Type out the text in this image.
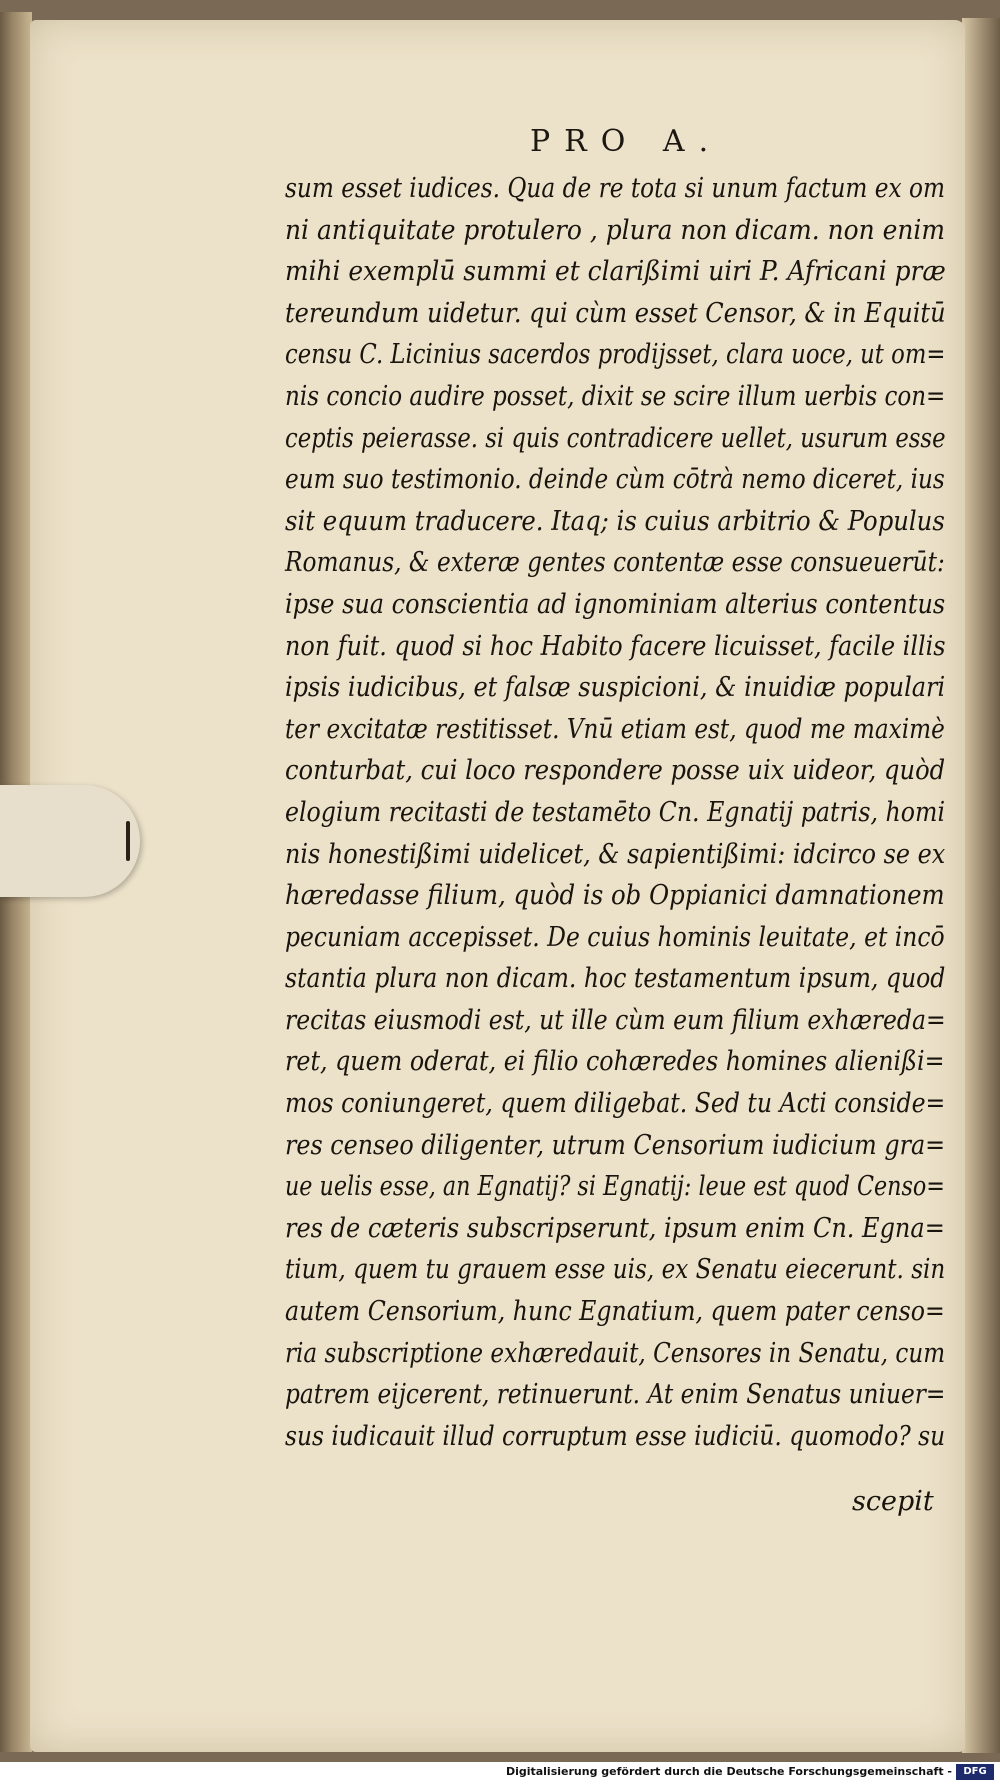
PRO A.
sum esset iudices. Qua de re tota si unum factum ex om
ni antiquitate protulero , plura non dicam. non enim
mihi exemplū summi et clarißimi uiri P. Africani præ
tereundum uidetur. qui cùm esset Censor, & in Equitū
censu C. Licinius sacerdos prodijsset, clara uoce, ut om=
nis concio audire posset, dixit se scire illum uerbis con=
ceptis peierasse. si quis contradicere uellet, usurum esse
eum suo testimonio. deinde cùm cōtrà nemo diceret, ius
sit equum traducere. Itaq; is cuius arbitrio & Populus
Romanus, & exteræ gentes contentæ esse consueuerūt:
ipse sua conscientia ad ignominiam alterius contentus
non fuit. quod si hoc Habito facere licuisset, facile illis
ipsis iudicibus, et falsæ suspicioni, & inuidiæ populari
ter excitatæ restitisset. Vnū etiam est, quod me maximè
conturbat, cui loco respondere posse uix uideor, quòd
elogium recitasti de testamēto Cn. Egnatij patris, homi
nis honestißimi uidelicet, & sapientißimi: idcirco se ex
hæredasse filium, quòd is ob Oppianici damnationem
pecuniam accepisset. De cuius hominis leuitate, et incō
stantia plura non dicam. hoc testamentum ipsum, quod
recitas eiusmodi est, ut ille cùm eum filium exhæreda=
ret, quem oderat, ei filio cohæredes homines alienißi=
mos coniungeret, quem diligebat. Sed tu Acti conside=
res censeo diligenter, utrum Censorium iudicium gra=
ue uelis esse, an Egnatij? si Egnatij: leue est quod Censo=
res de cæteris subscripserunt, ipsum enim Cn. Egna=
tium, quem tu grauem esse uis, ex Senatu eiecerunt. sin
autem Censorium, hunc Egnatium, quem pater censo=
ria subscriptione exhæredauit, Censores in Senatu, cum
patrem eijcerent, retinuerunt. At enim Senatus uniuer=
sus iudicauit illud corruptum esse iudiciū. quomodo? su
scepit
Digitalisierung gefördert durch die Deutsche Forschungsgemeinschaft -	DFG
